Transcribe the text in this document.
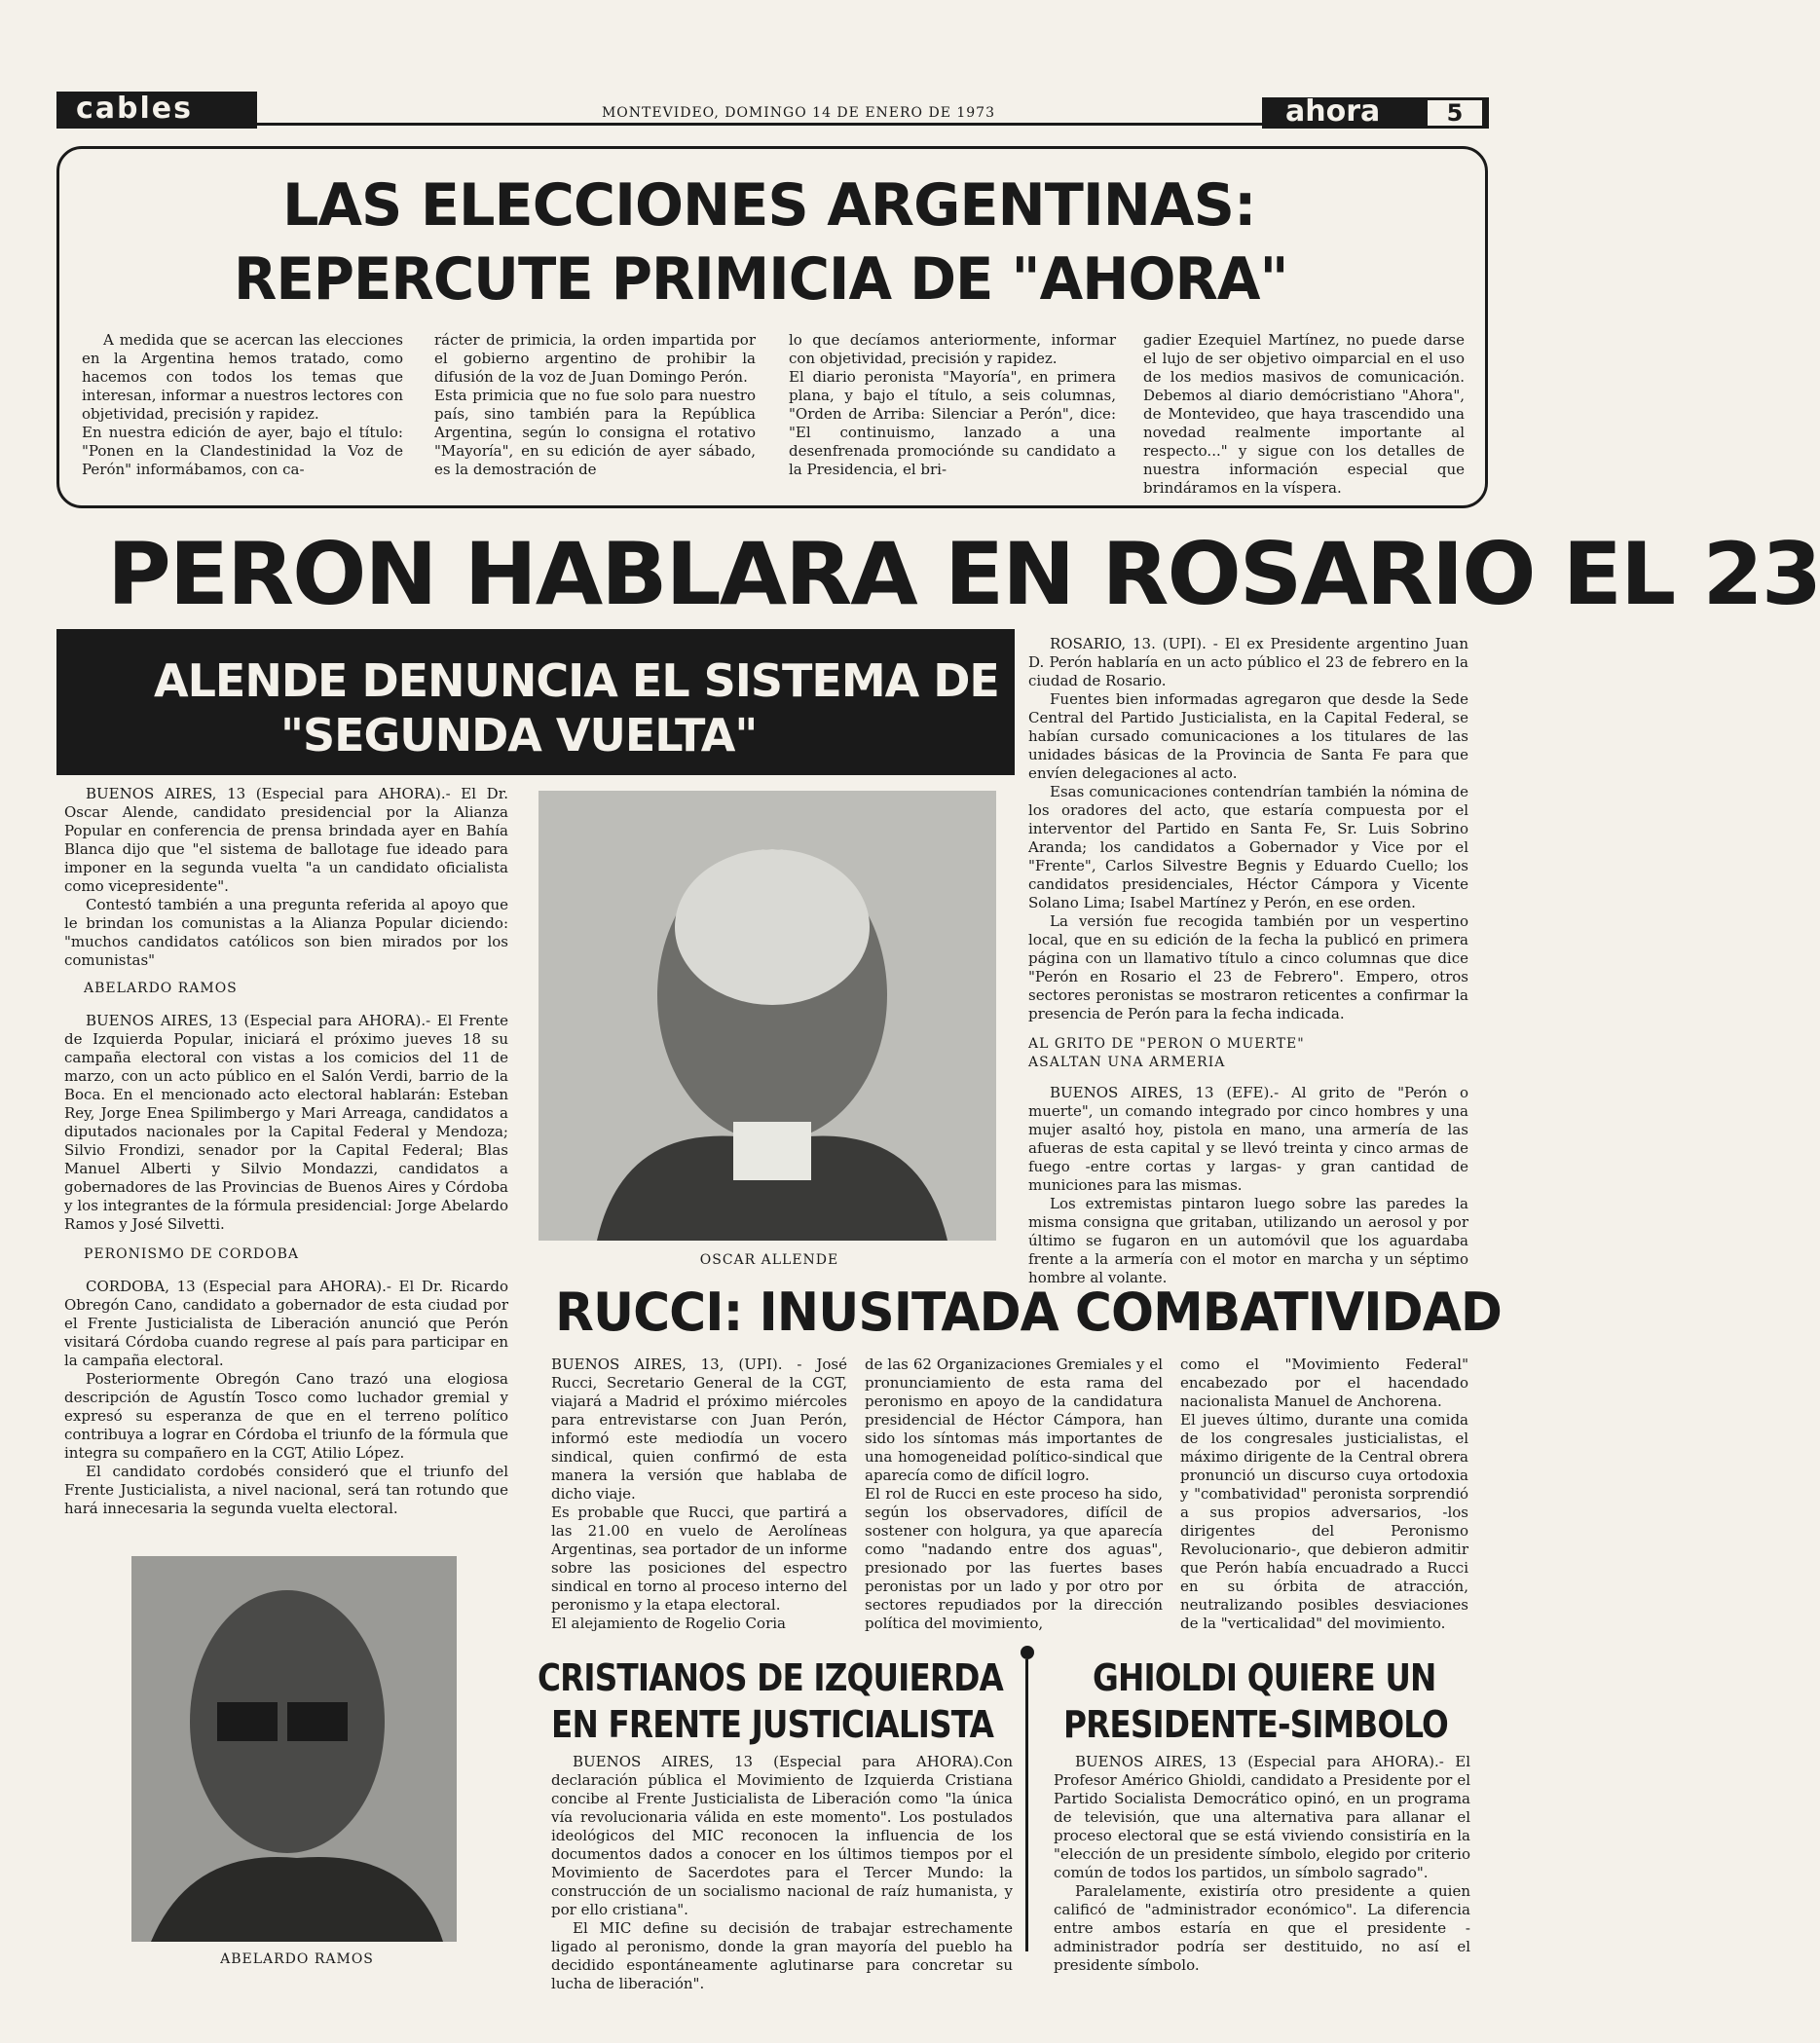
cables	MONTEVIDEO, DOMINGO 14 DE ENERO DE 1973	ahora	5
LAS ELECCIONES ARGENTINAS:
REPERCUTE PRIMICIA DE "AHORA"
A medida que se acercan las elecciones en la Argentina hemos tratado, como hacemos con todos los temas que interesan, informar a nuestros lectores con objetividad, precisión y rapidez.
En nuestra edición de ayer, bajo el título: "Ponen en la Clandestinidad la Voz de Perón" informábamos, con ca-
rácter de primicia, la orden impartida por el gobierno argentino de prohibir la difusión de la voz de Juan Domingo Perón.
Esta primicia que no fue solo para nuestro país, sino también para la República Argentina, según lo consigna el rotativo "Mayoría", en su edición de ayer sábado, es la demostración de
lo que decíamos anteriormente, informar con objetividad, precisión y rapidez.
El diario peronista "Mayoría", en primera plana, y bajo el título, a seis columnas, "Orden de Arriba: Silenciar a Perón", dice: "El continuismo, lanzado a una desenfrenada promociónde su candidato a la Presidencia, el bri-
gadier Ezequiel Martínez, no puede darse el lujo de ser objetivo oimparcial en el uso de los medios masivos de comunicación. Debemos al diario demócristiano "Ahora", de Montevideo, que haya trascendido una novedad realmente importante al respecto..." y sigue con los detalles de nuestra información especial que brindáramos en la víspera.
PERON HABLARA EN ROSARIO EL 23
ALENDE DENUNCIA EL SISTEMA DE
"SEGUNDA VUELTA"

BUENOS AIRES, 13 (Especial para AHORA).- El Dr. Oscar Alende, candidato presidencial por la Alianza Popular en conferencia de prensa brindada ayer en Bahía Blanca dijo que "el sistema de ballotage fue ideado para imponer en la segunda vuelta "a un candidato oficialista como vicepresidente".

Contestó también a una pregunta referida al apoyo que le brindan los comunistas a la Alianza Popular diciendo: "muchos candidatos católicos son bien mirados por los comunistas"

ABELARDO RAMOS

BUENOS AIRES, 13 (Especial para AHORA).- El Frente de Izquierda Popular, iniciará el próximo jueves 18 su campaña electoral con vistas a los comicios del 11 de marzo, con un acto público en el Salón Verdi, barrio de la Boca. En el mencionado acto electoral hablarán: Esteban Rey, Jorge Enea Spilimbergo y Mari Arreaga, candidatos a diputados nacionales por la Capital Federal y Mendoza; Silvio Frondizi, senador por la Capital Federal; Blas Manuel Alberti y Silvio Mondazzi, candidatos a gobernadores de las Provincias de Buenos Aires y Córdoba y los integrantes de la fórmula presidencial: Jorge Abelardo Ramos y José Silvetti.

PERONISMO DE CORDOBA

CORDOBA, 13 (Especial para AHORA).- El Dr. Ricardo Obregón Cano, candidato a gobernador de esta ciudad por el Frente Justicialista de Liberación anunció que Perón visitará Córdoba cuando regrese al país para participar en la campaña electoral.

Posteriormente Obregón Cano trazó una elogiosa descripción de Agustín Tosco como luchador gremial y expresó su esperanza de que en el terreno político contribuya a lograr en Córdoba el triunfo de la fórmula que integra su compañero en la CGT, Atilio López.

El candidato cordobés consideró que el triunfo del Frente Justicialista, a nivel nacional, será tan rotundo que hará innecesaria la segunda vuelta electoral.

OSCAR ALLENDE

ROSARIO, 13. (UPI). - El ex Presidente argentino Juan D. Perón hablaría en un acto público el 23 de febrero en la ciudad de Rosario.

Fuentes bien informadas agregaron que desde la Sede Central del Partido Justicialista, en la Capital Federal, se habían cursado comunicaciones a los titulares de las unidades básicas de la Provincia de Santa Fe para que envíen delegaciones al acto.

Esas comunicaciones contendrían también la nómina de los oradores del acto, que estaría compuesta por el interventor del Partido en Santa Fe, Sr. Luis Sobrino Aranda; los candidatos a Gobernador y Vice por el "Frente", Carlos Silvestre Begnis y Eduardo Cuello; los candidatos presidenciales, Héctor Cámpora y Vicente Solano Lima; Isabel Martínez y Perón, en ese orden.

La versión fue recogida también por un vespertino local, que en su edición de la fecha la publicó en primera página con un llamativo título a cinco columnas que dice "Perón en Rosario el 23 de Febrero". Empero, otros sectores peronistas se mostraron reticentes a confirmar la presencia de Perón para la fecha indicada.

AL GRITO DE "PERON O MUERTE"
ASALTAN UNA ARMERIA

BUENOS AIRES, 13 (EFE).- Al grito de "Perón o muerte", un comando integrado por cinco hombres y una mujer asaltó hoy, pistola en mano, una armería de las afueras de esta capital y se llevó treinta y cinco armas de fuego -entre cortas y largas- y gran cantidad de municiones para las mismas.

Los extremistas pintaron luego sobre las paredes la misma consigna que gritaban, utilizando un aerosol y por último se fugaron en un automóvil que los aguardaba frente a la armería con el motor en marcha y un séptimo hombre al volante.

RUCCI: INUSITADA COMBATIVIDAD
BUENOS AIRES, 13, (UPI). - José Rucci, Secretario General de la CGT, viajará a Madrid el próximo miércoles para entrevistarse con Juan Perón, informó este mediodía un vocero sindical, quien confirmó de esta manera la versión que hablaba de dicho viaje.
Es probable que Rucci, que partirá a las 21.00 en vuelo de Aerolíneas Argentinas, sea portador de un informe sobre las posiciones del espectro sindical en torno al proceso interno del peronismo y la etapa electoral.
El alejamiento de Rogelio Coria
de las 62 Organizaciones Gremiales y el pronunciamiento de esta rama del peronismo en apoyo de la candidatura presidencial de Héctor Cámpora, han sido los síntomas más importantes de una homogeneidad político-sindical que aparecía como de difícil logro.
El rol de Rucci en este proceso ha sido, según los observadores, difícil de sostener con holgura, ya que aparecía como "nadando entre dos aguas", presionado por las fuertes bases peronistas por un lado y por otro por sectores repudiados por la dirección política del movimiento,
como el "Movimiento Federal" encabezado por el hacendado nacionalista Manuel de Anchorena.
El jueves último, durante una comida de los congresales justicialistas, el máximo dirigente de la Central obrera pronunció un discurso cuya ortodoxia y "combatividad" peronista sorprendió a sus propios adversarios, -los dirigentes del Peronismo Revolucionario-, que debieron admitir que Perón había encuadrado a Rucci en su órbita de atracción, neutralizando posibles desviaciones de la "verticalidad" del movimiento.
ABELARDO RAMOS
CRISTIANOS DE IZQUIERDA
EN FRENTE JUSTICIALISTA

BUENOS AIRES, 13 (Especial para AHORA).Con declaración pública el Movimiento de Izquierda Cristiana concibe al Frente Justicialista de Liberación como "la única vía revolucionaria válida en este momento". Los postulados ideológicos del MIC reconocen la influencia de los documentos dados a conocer en los últimos tiempos por el Movimiento de Sacerdotes para el Tercer Mundo: la construcción de un socialismo nacional de raíz humanista, y por ello cristiana".

El MIC define su decisión de trabajar estrechamente ligado al peronismo, donde la gran mayoría del pueblo ha decidido espontáneamente aglutinarse para concretar su lucha de liberación".

GHIOLDI QUIERE UN
PRESIDENTE-SIMBOLO

BUENOS AIRES, 13 (Especial para AHORA).- El Profesor Américo Ghioldi, candidato a Presidente por el Partido Socialista Democrático opinó, en un programa de televisión, que una alternativa para allanar el proceso electoral que se está viviendo consistiría en la "elección de un presidente símbolo, elegido por criterio común de todos los partidos, un símbolo sagrado".

Paralelamente, existiría otro presidente a quien calificó de "administrador económico". La diferencia entre ambos estaría en que el presidente -administrador podría ser destituido, no así el presidente símbolo.
